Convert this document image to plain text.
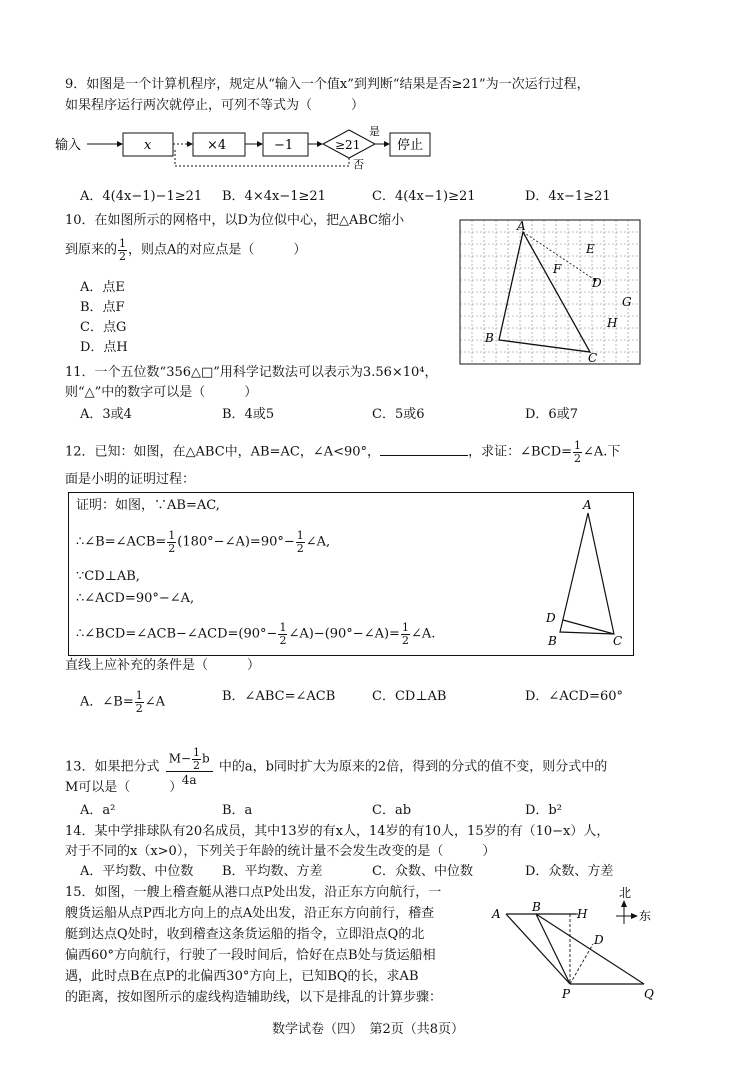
9．如图是一个计算机程序，规定从“输入一个值x”到判断“结果是否≥21”为一次运行过程，
如果程序运行两次就停止，可列不等式为（　　　）
输入	x	×4	−1	≥21
是
停止
否
A．4(4x−1)−1≥21 B．4×4x−1≥21	C．4(4x−1)≥21	D．4x−1≥21
10．在如图所示的网格中，以D为位似中心，把△ABC缩小
到原来的 $\frac{1}{2}$ ，则点A的对应点是（　　　）
A．点E
B．点F
C．点G
D．点H
A
B
C
D
E
F
G
H
11．一个五位数“356△□”用科学记数法可以表示为3.56×10⁴，
则“△”中的数字可以是（　　　）
A．3或4	B．4或5	C．5或6	D．6或7
12．已知：如图，在△ABC中，AB=AC，∠A<90°，	，求证：∠BCD= $\frac{1}{2}$ ∠A.下
面是小明的证明过程：
证明：如图，∵AB=AC,
∴∠B=∠ACB= $\frac{1}{2}$ (180°−∠A)=90°− $\frac{1}{2}$ ∠A,
∵CD⊥AB,
∴∠ACD=90°−∠A,
∴∠BCD=∠ACB−∠ACD=(90°− $\frac{1}{2}$ ∠A)−(90°−∠A)= $\frac{1}{2}$ ∠A.
A
D
B	C
直线上应补充的条件是（　　　）
A．∠B= $\frac{1}{2}$ ∠A	B．∠ABC=∠ACB	C．CD⊥AB	D．∠ACD=60°
13．如果把分式 $\frac{M- \frac{1}{2} b}{4a}$ 中的a，b同时扩大为原来的2倍，得到的分式的值不变，则分式中的
M可以是（　　　）
A．a²	B．a	C．ab	D．b²
14．某中学排球队有20名成员，其中13岁的有x人，14岁的有10人，15岁的有（10−x）人，
对于不同的x（x>0），下列关于年龄的统计量不会发生改变的是（　　　）
A．平均数、中位数 B．平均数、方差	C．众数、中位数	D．众数、方差
15．如图，一艘上稽查艇从港口点P处出发，沿正东方向航行，一
艘货运船从点P西北方向上的点A处出发，沿正东方向前行，稽查
艇到达点Q处时，收到稽查这条货运船的指令，立即沿点Q的北
偏西60°方向航行，行驶了一段时间后，恰好在点B处与货运船相
遇，此时点B在点P的北偏西30°方向上，已知BQ的长，求AB
的距离，按如图所示的虚线构造辅助线，以下是排乱的计算步骤：
北
东
A	B	H
D
P	Q
数学试卷（四）　第2页（共8页）
